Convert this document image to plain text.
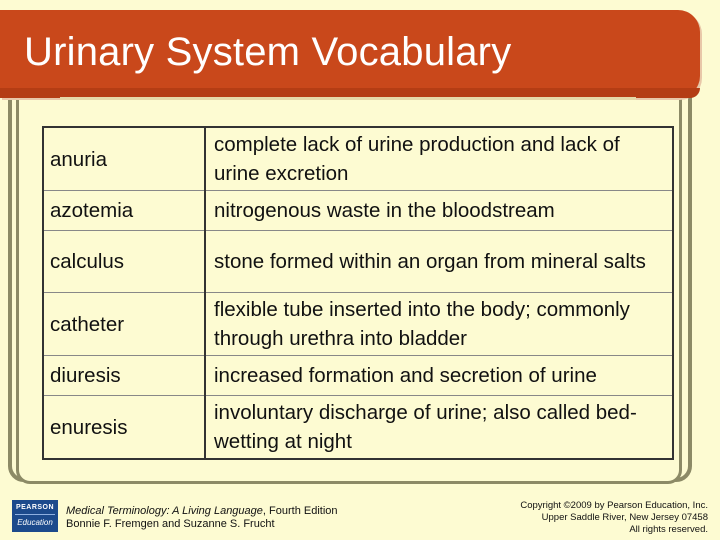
Urinary System Vocabulary
anuria	complete lack of urine production and lack of urine excretion
azotemia	nitrogenous waste in the bloodstream
calculus	stone formed within an organ from mineral salts
catheter	flexible tube inserted into the body; commonly through urethra into bladder
diuresis	increased formation and secretion of urine
enuresis	involuntary discharge of urine; also called bed-wetting at night
PEARSON
Education
Medical Terminology: A Living Language, Fourth Edition
Bonnie F. Fremgen and Suzanne S. Frucht
Copyright ©2009 by Pearson Education, Inc.
Upper Saddle River, New Jersey 07458
All rights reserved.
